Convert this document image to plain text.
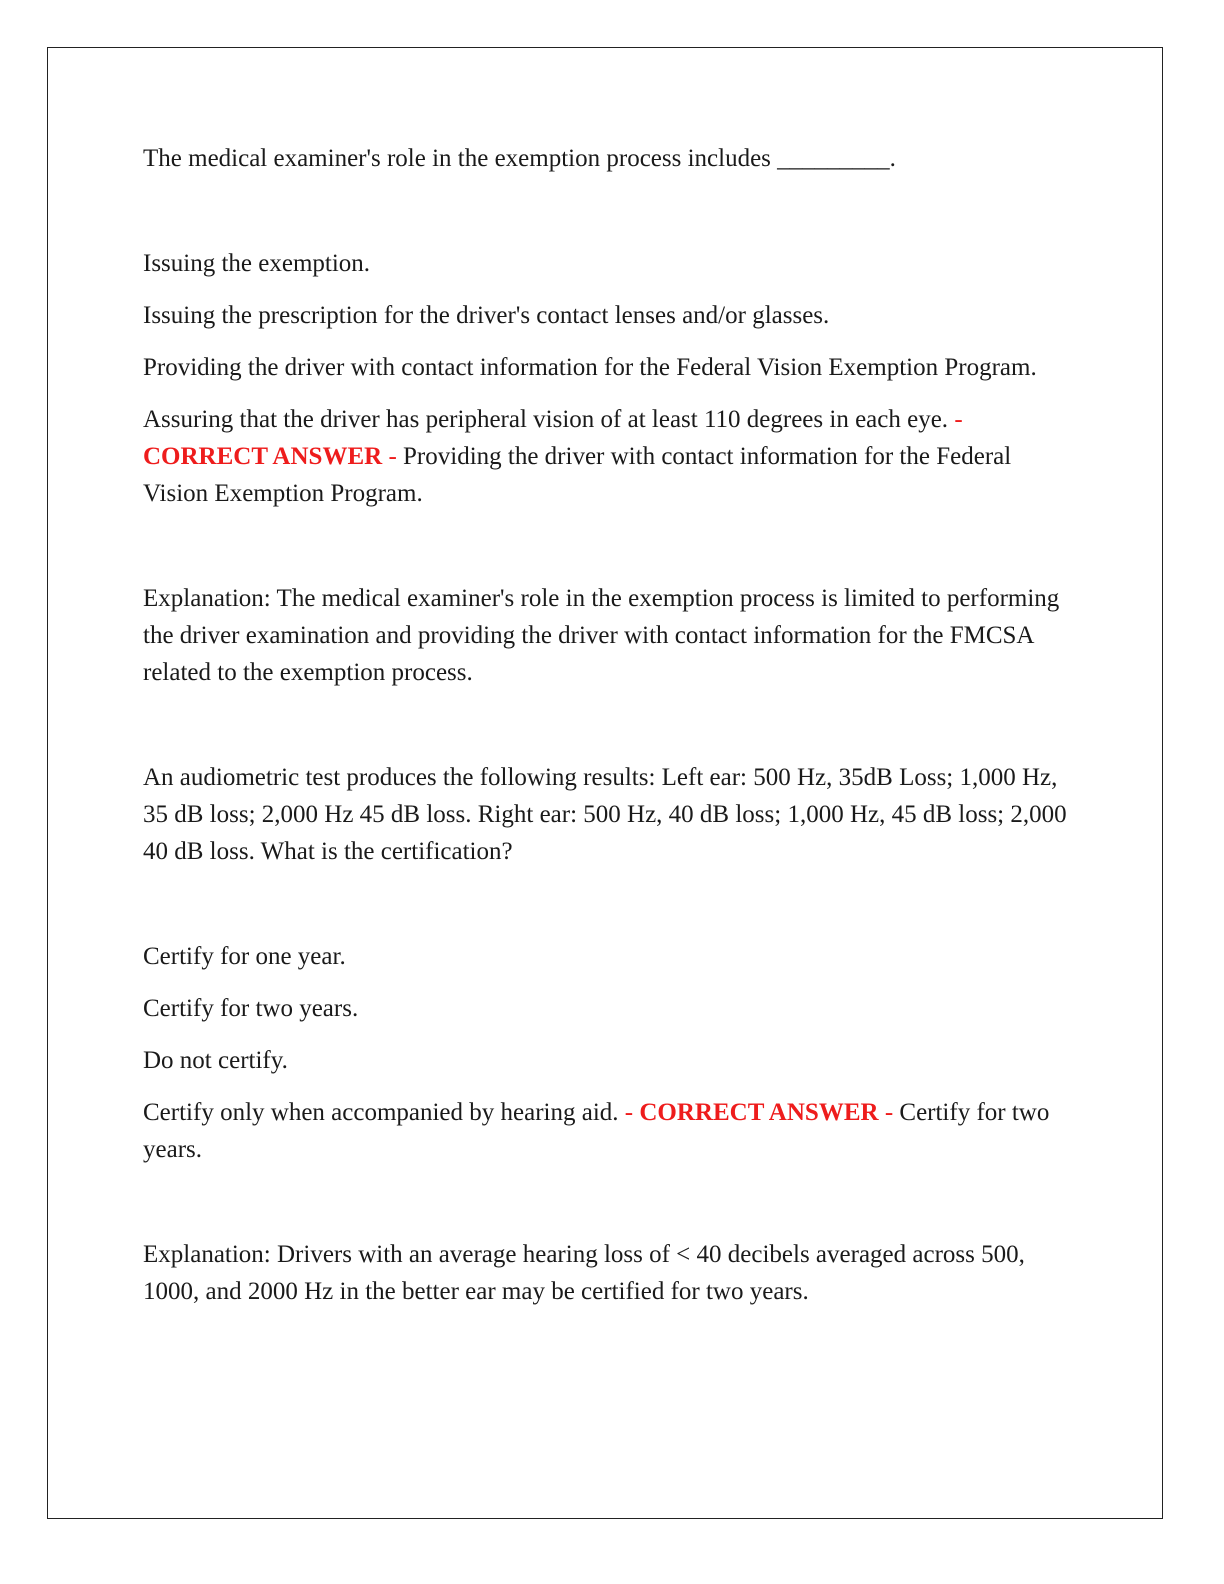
The medical examiner's role in the exemption process includes _________.

Issuing the exemption.

Issuing the prescription for the driver's contact lenses and/or glasses.

Providing the driver with contact information for the Federal Vision Exemption Program.

Assuring that the driver has peripheral vision of at least 110 degrees in each eye. - CORRECT ANSWER - Providing the driver with contact information for the Federal Vision Exemption Program.

Explanation: The medical examiner's role in the exemption process is limited to performing the driver examination and providing the driver with contact information for the FMCSA related to the exemption process.

An audiometric test produces the following results: Left ear: 500 Hz, 35dB Loss; 1,000 Hz, 35 dB loss; 2,000 Hz 45 dB loss. Right ear: 500 Hz, 40 dB loss; 1,000 Hz, 45 dB loss; 2,000 40 dB loss. What is the certification?

Certify for one year.

Certify for two years.

Do not certify.

Certify only when accompanied by hearing aid. - CORRECT ANSWER - Certify for two years.

Explanation: Drivers with an average hearing loss of < 40 decibels averaged across 500, 1000, and 2000 Hz in the better ear may be certified for two years.
